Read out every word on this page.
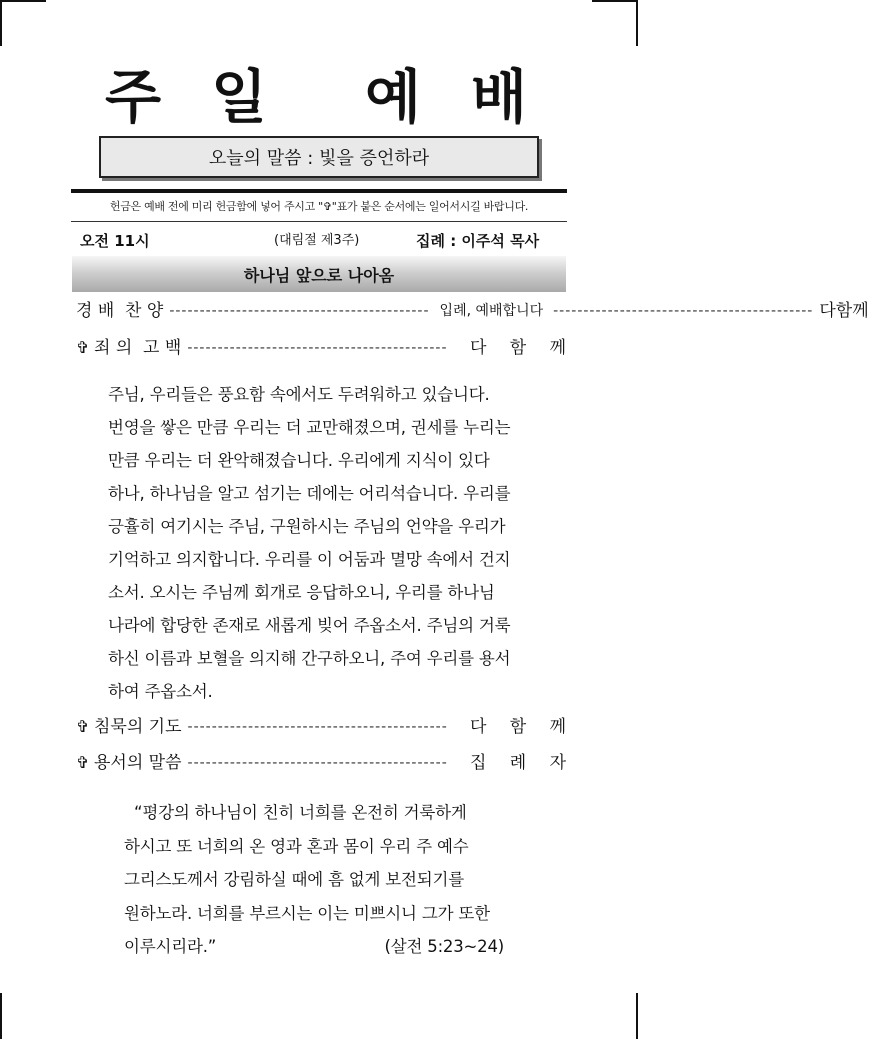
주 일 예 배
오늘의 말씀 : 빛을 증언하라
헌금은 예배 전에 미리 헌금함에 넣어 주시고 "✞"표가 붙은 순서에는 일어서시길 바랍니다.
오전 11시	(대림절 제3주)	집례 : 이주석 목사
하나님 앞으로 나아옴
경 배  찬 양 ------------------------------------------- 입례, 예배합니다 ------------------------------------------- 다 함 께
✞ 죄 의  고 백 -------------------------------------------	다 함 께
주님, 우리들은 풍요함 속에서도 두려워하고 있습니다.
번영을 쌓은 만큼 우리는 더 교만해졌으며, 권세를 누리는
만큼 우리는 더 완악해졌습니다. 우리에게 지식이 있다
하나, 하나님을 알고 섬기는 데에는 어리석습니다. 우리를
긍휼히 여기시는 주님, 구원하시는 주님의 언약을 우리가
기억하고 의지합니다. 우리를 이 어둠과 멸망 속에서 건지
소서. 오시는 주님께 회개로 응답하오니, 우리를 하나님
나라에 합당한 존재로 새롭게 빚어 주옵소서. 주님의 거룩
하신 이름과 보혈을 의지해 간구하오니, 주여 우리를 용서
하여 주옵소서.
✞ 침묵의 기도 -------------------------------------------	다 함 께
✞ 용서의 말씀 -------------------------------------------	집 례 자
“평강의 하나님이 친히 너희를 온전히 거룩하게
하시고 또 너희의 온 영과 혼과 몸이 우리 주 예수
그리스도께서 강림하실 때에 흠 없게 보전되기를
원하노라. 너희를 부르시는 이는 미쁘시니 그가 또한
이루시리라.”	(살전 5:23~24)
